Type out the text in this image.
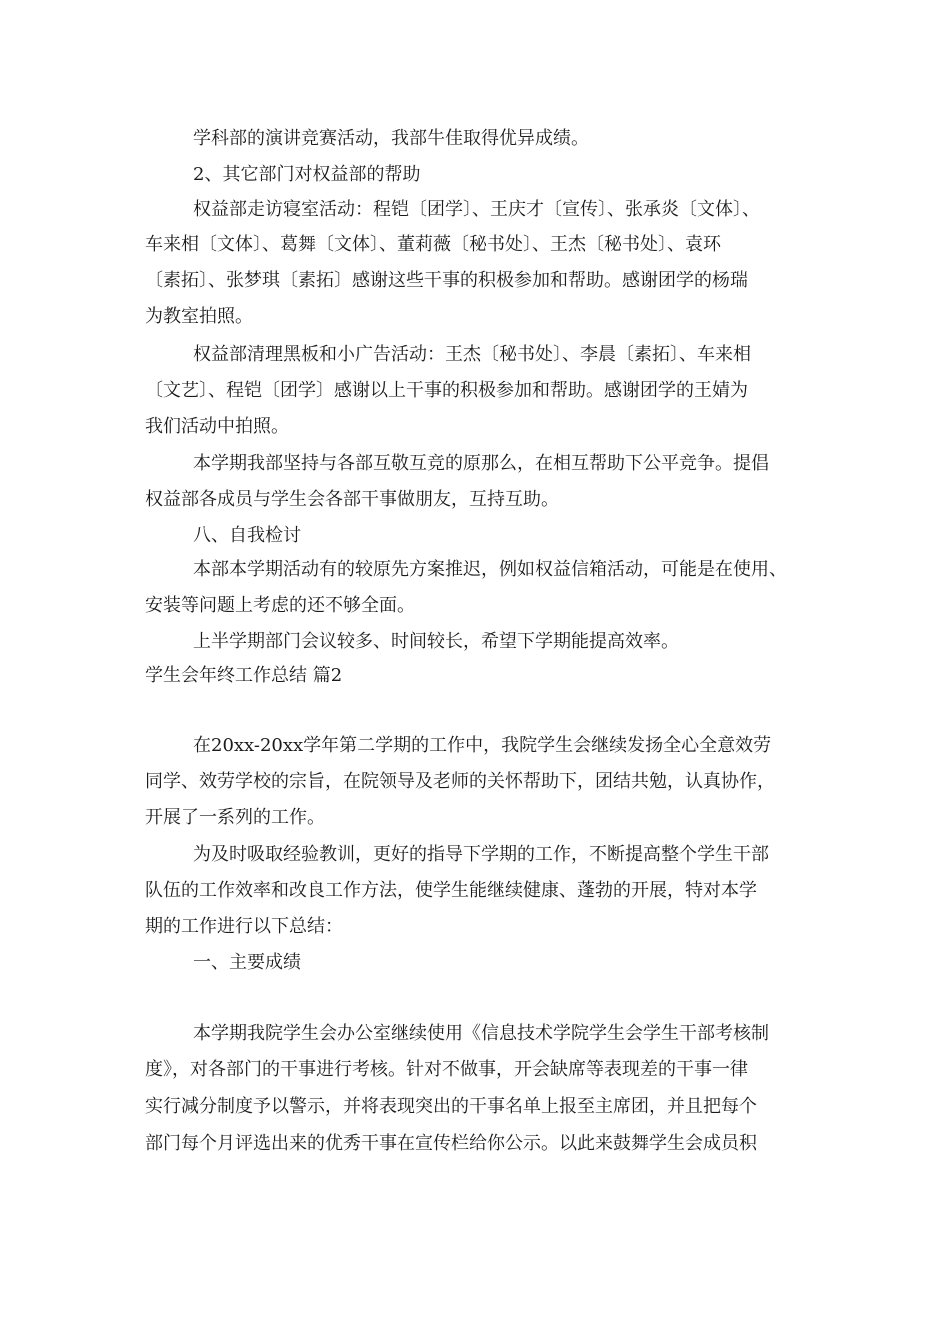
学科部的演讲竞赛活动，我部牛佳取得优异成绩。

2、其它部门对权益部的帮助

权益部走访寝室活动：程铠〔团学〕、王庆才〔宣传〕、张承炎〔文体〕、

车来相〔文体〕、葛舞〔文体〕、董莉薇〔秘书处〕、王杰〔秘书处〕、袁环

〔素拓〕、张梦琪〔素拓〕感谢这些干事的积极参加和帮助。感谢团学的杨瑞

为教室拍照。

权益部清理黑板和小广告活动：王杰〔秘书处〕、李晨〔素拓〕、车来相

〔文艺〕、程铠〔团学〕感谢以上干事的积极参加和帮助。感谢团学的王婧为

我们活动中拍照。

本学期我部坚持与各部互敬互竞的原那么，在相互帮助下公平竞争。提倡

权益部各成员与学生会各部干事做朋友，互持互助。

八、自我检讨

本部本学期活动有的较原先方案推迟，例如权益信箱活动，可能是在使用、

安装等问题上考虑的还不够全面。

上半学期部门会议较多、时间较长，希望下学期能提高效率。

学生会年终工作总结 篇2

在20xx-20xx学年第二学期的工作中，我院学生会继续发扬全心全意效劳

同学、效劳学校的宗旨，在院领导及老师的关怀帮助下，团结共勉，认真协作，

开展了一系列的工作。

为及时吸取经验教训，更好的指导下学期的工作，不断提高整个学生干部

队伍的工作效率和改良工作方法，使学生能继续健康、蓬勃的开展，特对本学

期的工作进行以下总结：

一、主要成绩

本学期我院学生会办公室继续使用《信息技术学院学生会学生干部考核制

度》，对各部门的干事进行考核。针对不做事，开会缺席等表现差的干事一律

实行减分制度予以警示，并将表现突出的干事名单上报至主席团，并且把每个

部门每个月评选出来的优秀干事在宣传栏给你公示。以此来鼓舞学生会成员积
